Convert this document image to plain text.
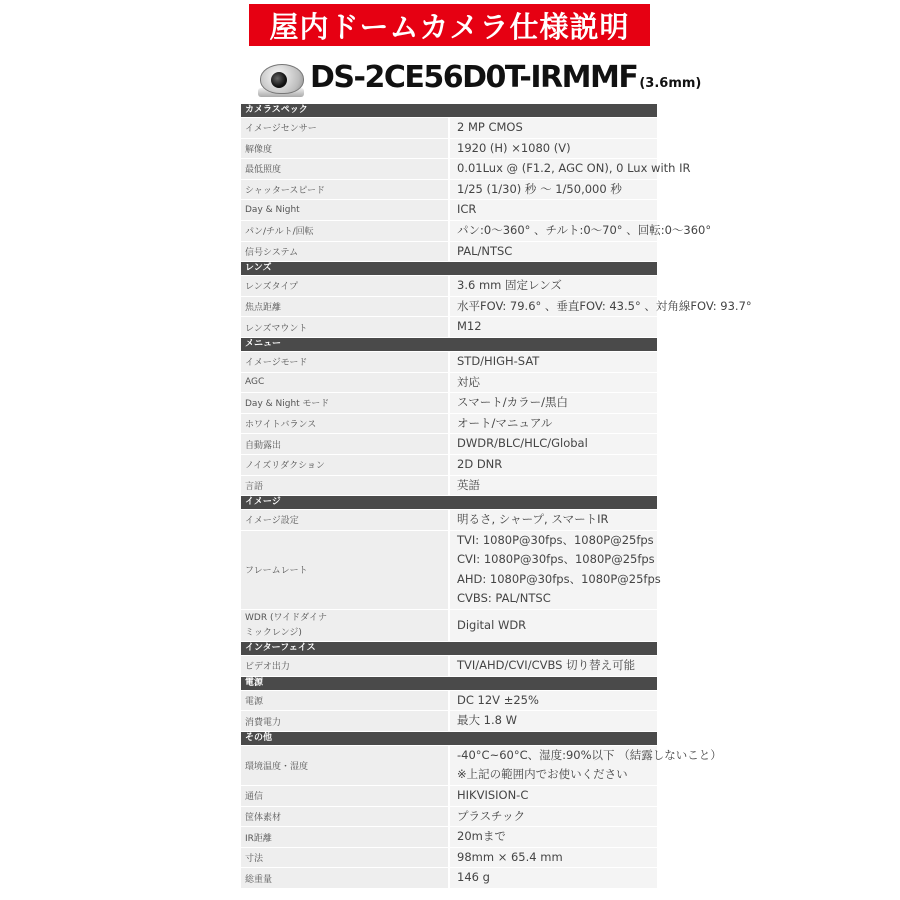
屋内ドームカメラ仕様説明
DS-2CE56D0T-IRMMF (3.6mm)
カメラスペック	
イメージセンサー	2 MP CMOS

解像度	1920 (H) ×1080 (V)

最低照度	0.01Lux @ (F1.2, AGC ON), 0 Lux with IR

シャッタースピード	1/25 (1/30) 秒 ～ 1/50,000 秒

Day & Night	ICR

パン/チルト/回転	パン:0～360° 、チルト:0～70° 、回転:0～360°

信号システム	PAL/NTSC

レンズ	
レンズタイプ	3.6 mm 固定レンズ

焦点距離	水平FOV: 79.6° 、垂直FOV: 43.5° 、対角線FOV: 93.7°

レンズマウント	M12

メニュー	
イメージモード	STD/HIGH-SAT

AGC	対応

Day & Night モード	スマート/カラー/黒白

ホワイトバランス	オート/マニュアル

自動露出	DWDR/BLC/HLC/Global

ノイズリダクション	2D DNR

言語	英語

イメージ	
イメージ設定	明るさ, シャープ, スマートIR

フレームレート	TVI: 1080P@30fps、1080P@25fps
CVI: 1080P@30fps、1080P@25fps
AHD: 1080P@30fps、1080P@25fps
CVBS: PAL/NTSC

WDR (ワイドダイナ
ミックレンジ)	Digital WDR

インターフェイス	
ビデオ出力	TVI/AHD/CVI/CVBS 切り替え可能

電源	
電源	DC 12V ±25%

消費電力	最大 1.8 W

その他	
環境温度・湿度	-40°C~60°C、湿度:90%以下 （結露しないこと）
※上記の範囲内でお使いください

通信	HIKVISION-C

筐体素材	プラスチック

IR距離	20mまで

寸法	98mm × 65.4 mm

総重量	146 g
